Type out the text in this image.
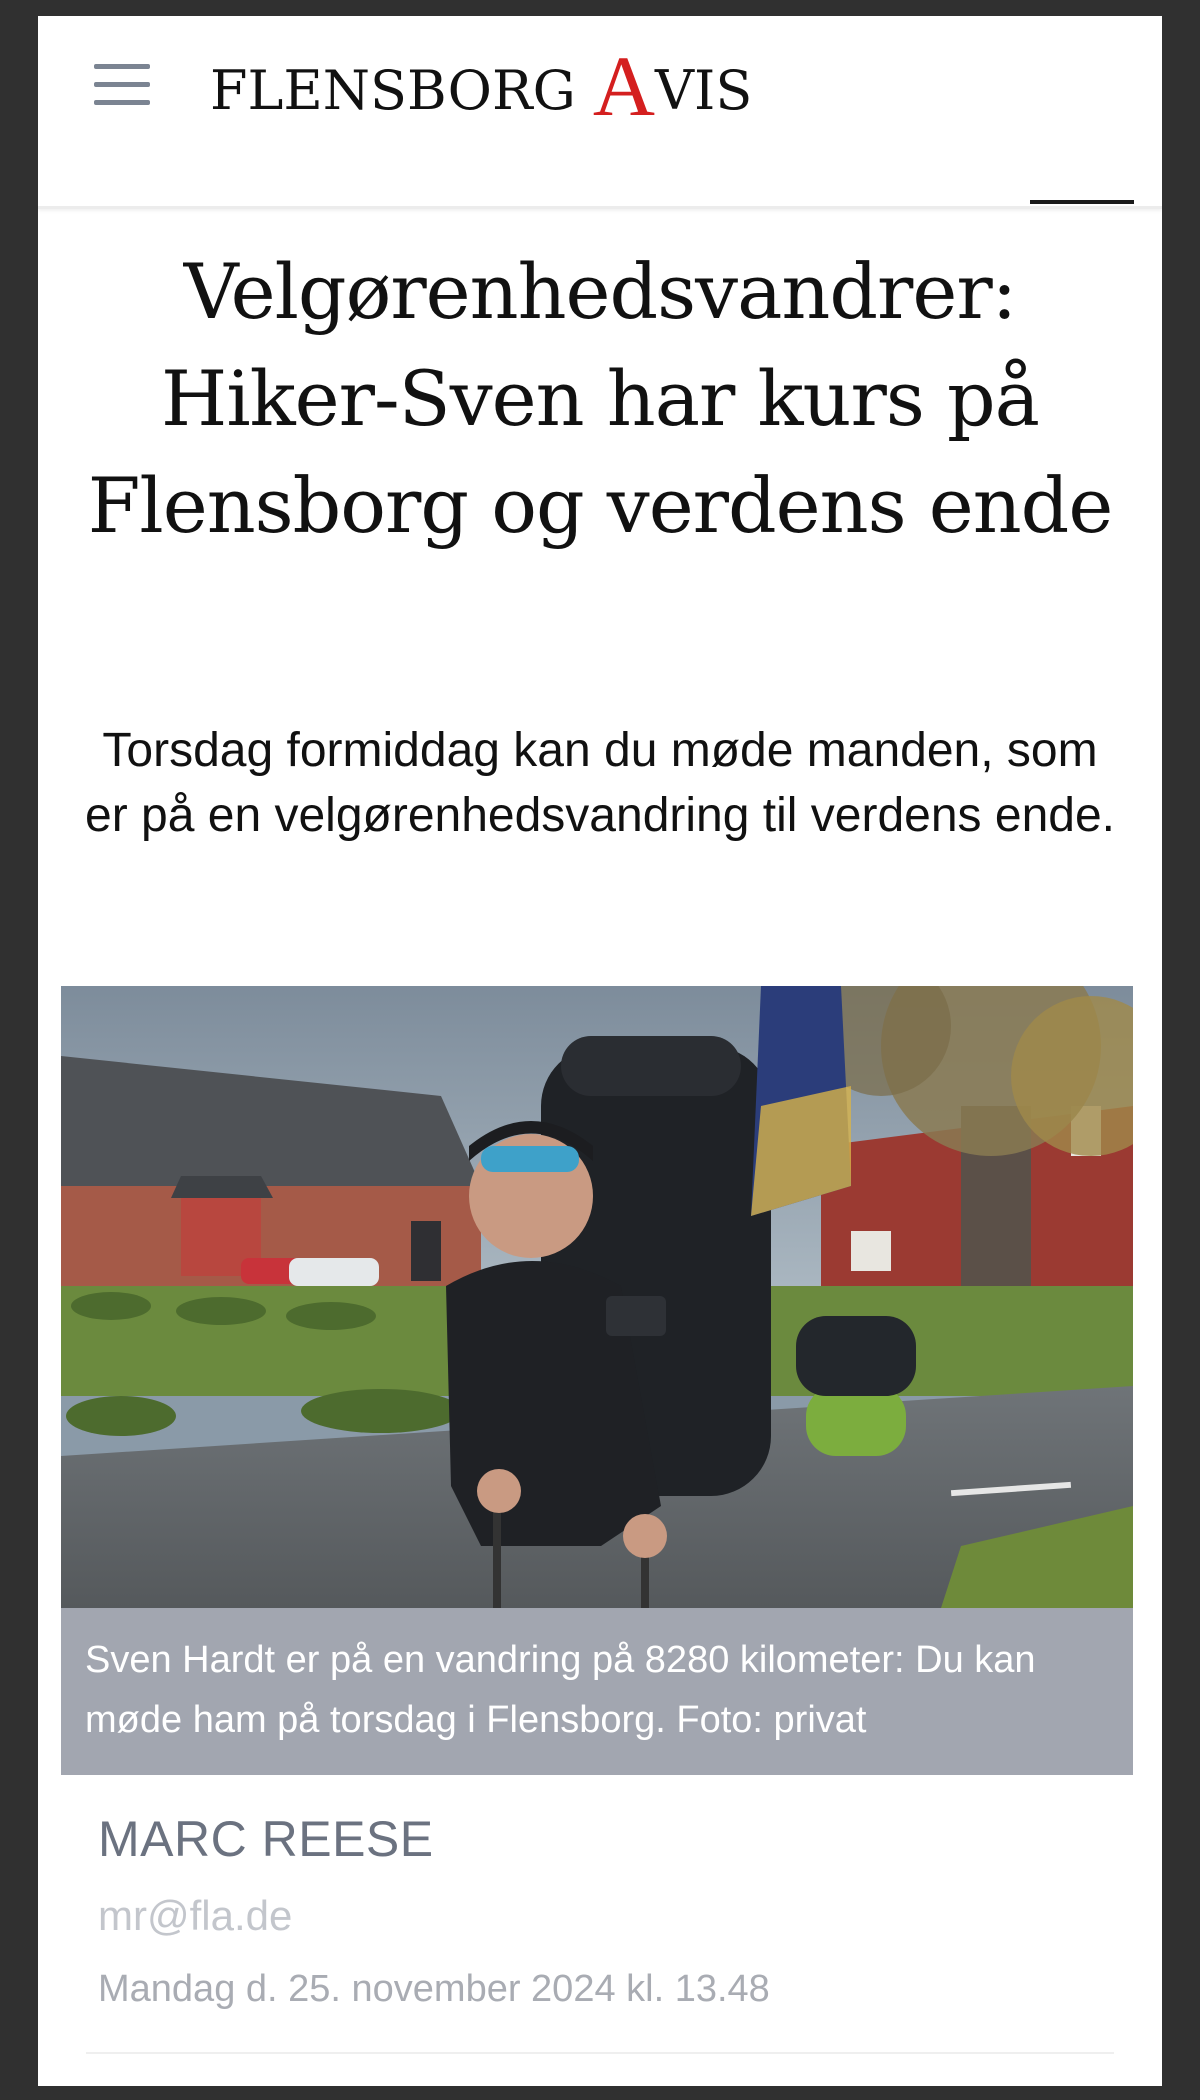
FLENSBORG AVIS
Velgørenhedsvandrer: Hiker-Sven har kurs på Flensborg og verdens ende

Torsdag formiddag kan du møde manden, som er på en velgørenhedsvandring til verdens ende.

Sven Hardt er på en vandring på 8280 kilometer: Du kan møde ham på torsdag i Flensborg. Foto: privat
MARC REESE
mr@fla.de
Mandag d. 25. november 2024 kl. 13.48
